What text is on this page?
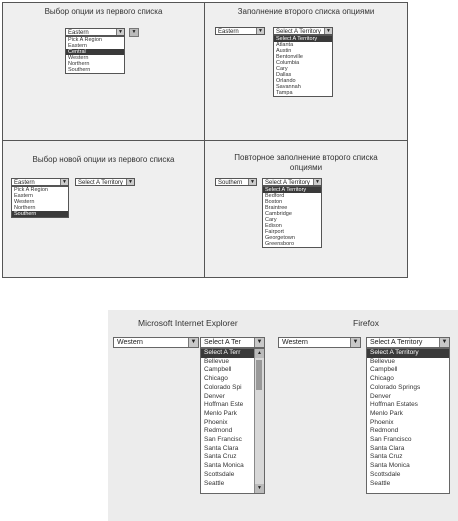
Выбор опции из первого списка
Eastern	▼	▼
Pick A Region
Eastern
Central
Western
Northern
Southern
Заполнение второго списка опциями
Eastern	▼	Select A Territory	▼
Select A Territory
Atlanta
Austin
Bentonville
Columbia
Cary
Dallas
Orlando
Savannah
Tampa
Выбор новой опции из первого списка
Eastern	▼	Select A Territory	▼
Pick A Region
Eastern
Western
Northern
Southern
Повторное заполнение второго списка опциями
Southern	▼	Select A Territory	▼
Select A Territory
Bedford
Boston
Braintree
Cambridge
Cary
Edison
Fairport
Georgetown
Greensboro
Microsoft Internet Explorer	Firefox
Western	▼	Select A Ter	▼
Select A Terr
Bellevue
Campbell
Chicago
Colorado Spi
Denver
Hoffman Este
Menlo Park
Phoenix
Redmond
San Francisc
Santa Clara
Santa Cruz
Santa Monica
Scottsdale
Seattle
▲
▼
Western	▼	Select A Territory	▼
Select A Territory
Bellevue
Campbell
Chicago
Colorado Springs
Denver
Hoffman Estates
Menlo Park
Phoenix
Redmond
San Francisco
Santa Clara
Santa Cruz
Santa Monica
Scottsdale
Seattle
